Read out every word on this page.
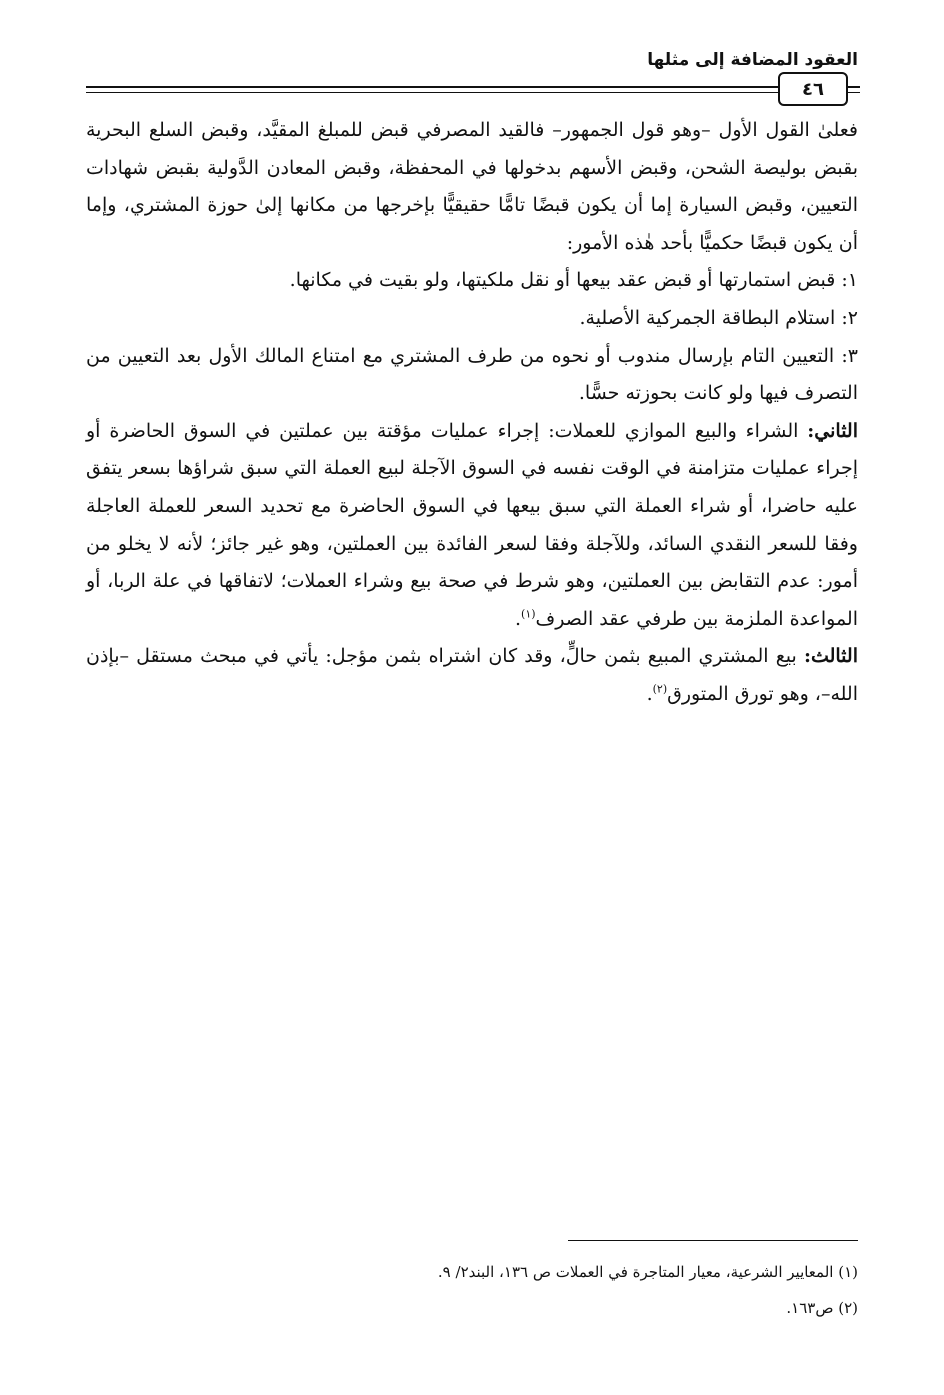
العقود المضافة إلى مثلها
٤٦

فعلىٰ القول الأول –وهو قول الجمهور– فالقيد المصرفي قبض للمبلغ المقيَّد، وقبض السلع البحرية بقبض بوليصة الشحن، وقبض الأسهم بدخولها في المحفظة، وقبض المعادن الدَّولية بقبض شهادات التعيين، وقبض السيارة إما أن يكون قبضًا تامًّا حقيقيًّا بإخرجها من مكانها إلىٰ حوزة المشتري، وإما أن يكون قبضًا حكميًّا بأحد هٰذه الأمور:

١: قبض استمارتها أو قبض عقد بيعها أو نقل ملكيتها، ولو بقيت في مكانها.

٢: استلام البطاقة الجمركية الأصلية.

٣: التعيين التام بإرسال مندوب أو نحوه من طرف المشتري مع امتناع المالك الأول بعد التعيين من التصرف فيها ولو كانت بحوزته حسًّا.

الثاني: الشراء والبيع الموازي للعملات: إجراء عمليات مؤقتة بين عملتين في السوق الحاضرة أو إجراء عمليات متزامنة في الوقت نفسه في السوق الآجلة لبيع العملة التي سبق شراؤها بسعر يتفق عليه حاضرا، أو شراء العملة التي سبق بيعها في السوق الحاضرة مع تحديد السعر للعملة العاجلة وفقا للسعر النقدي السائد، وللآجلة وفقا لسعر الفائدة بين العملتين، وهو غير جائز؛ لأنه لا يخلو من أمور: عدم التقابض بين العملتين، وهو شرط في صحة بيع وشراء العملات؛ لاتفاقها في علة الربا، أو المواعدة الملزمة بين طرفي عقد الصرف$^{(١)}$.

الثالث: بيع المشتري المبيع بثمن حالٍّ، وقد كان اشتراه بثمن مؤجل: يأتي في مبحث مستقل –بإذن الله–، وهو تورق المتورق$^{(٢)}$.

(١) المعايير الشرعية، معيار المتاجرة في العملات ص ١٣٦، البند٢/ ٩.
(٢) ص١٦٣.
